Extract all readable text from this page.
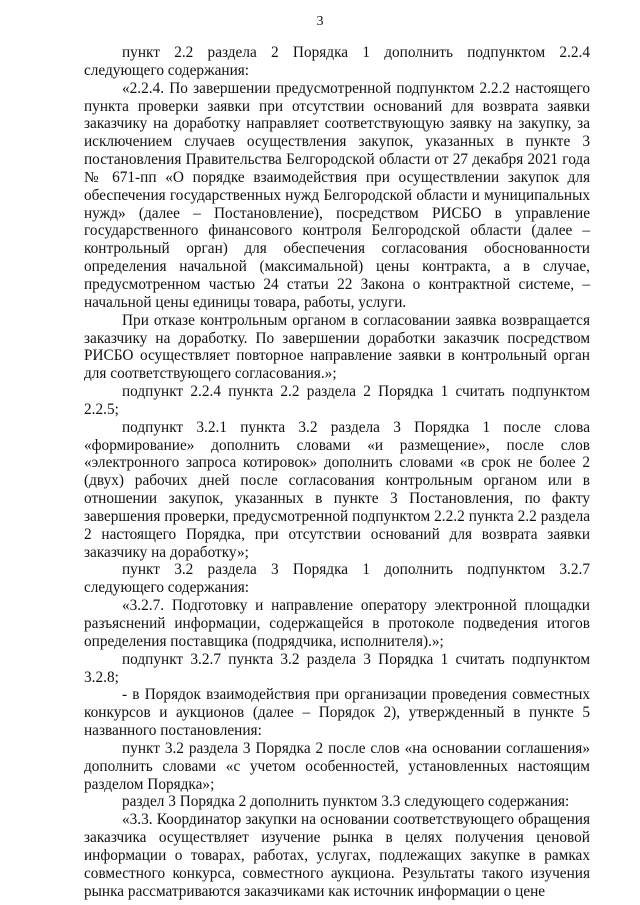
3

пункт 2.2 раздела 2 Порядка 1 дополнить подпунктом 2.2.4 следующего содержания:

«2.2.4. По завершении предусмотренной подпунктом 2.2.2 настоящего пункта проверки заявки при отсутствии оснований для возврата заявки заказчику на доработку направляет соответствующую заявку на закупку, за исключением случаев осуществления закупок, указанных в пункте 3 постановления Правительства Белгородской области от 27 декабря 2021 года № 671-пп «О порядке взаимодействия при осуществлении закупок для обеспечения государственных нужд Белгородской области и муниципальных нужд» (далее – Постановление), посредством РИСБО в управление государственного финансового контроля Белгородской области (далее – контрольный орган) для обеспечения согласования обоснованности определения начальной (максимальной) цены контракта, а в случае, предусмотренном частью 24 статьи 22 Закона о контрактной системе, – начальной цены единицы товара, работы, услуги.

При отказе контрольным органом в согласовании заявка возвращается заказчику на доработку. По завершении доработки заказчик посредством РИСБО осуществляет повторное направление заявки в контрольный орган для соответствующего согласования.»;

подпункт 2.2.4 пункта 2.2 раздела 2 Порядка 1 считать подпунктом 2.2.5;

подпункт 3.2.1 пункта 3.2 раздела 3 Порядка 1 после слова «формирование» дополнить словами «и размещение», после слов «электронного запроса котировок» дополнить словами «в срок не более 2 (двух) рабочих дней после согласования контрольным органом или в отношении закупок, указанных в пункте 3 Постановления, по факту завершения проверки, предусмотренной подпунктом 2.2.2 пункта 2.2 раздела 2 настоящего Порядка, при отсутствии оснований для возврата заявки заказчику на доработку»;

пункт 3.2 раздела 3 Порядка 1 дополнить подпунктом 3.2.7 следующего содержания:

«3.2.7. Подготовку и направление оператору электронной площадки разъяснений информации, содержащейся в протоколе подведения итогов определения поставщика (подрядчика, исполнителя).»;

подпункт 3.2.7 пункта 3.2 раздела 3 Порядка 1 считать подпунктом 3.2.8;

- в Порядок взаимодействия при организации проведения совместных конкурсов и аукционов (далее – Порядок 2), утвержденный в пункте 5 названного постановления:

пункт 3.2 раздела 3 Порядка 2 после слов «на основании соглашения» дополнить словами «с учетом особенностей, установленных настоящим разделом Порядка»;

раздел 3 Порядка 2 дополнить пунктом 3.3 следующего содержания:

«3.3. Координатор закупки на основании соответствующего обращения заказчика осуществляет изучение рынка в целях получения ценовой информации о товарах, работах, услугах, подлежащих закупке в рамках совместного конкурса, совместного аукциона. Результаты такого изучения рынка рассматриваются заказчиками как источник информации о цене
